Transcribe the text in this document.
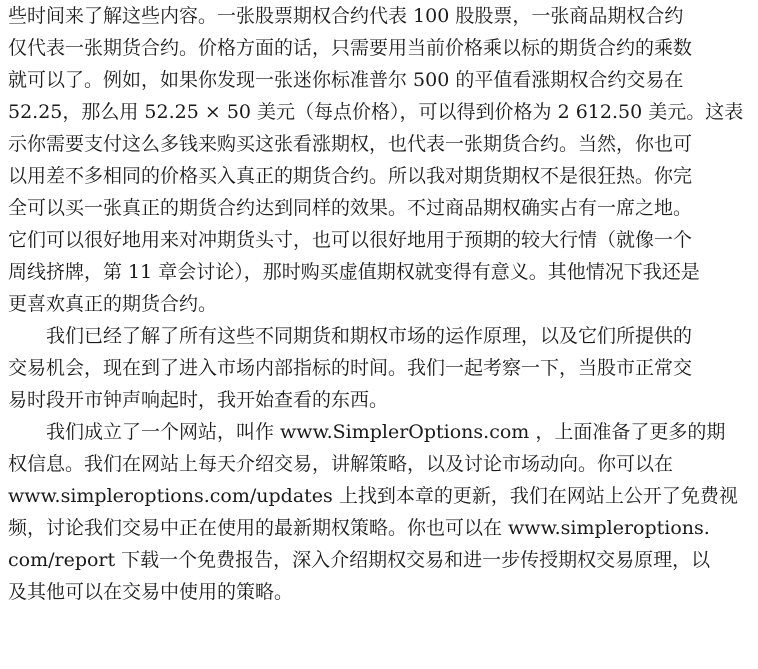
些时间来了解这些内容。一张股票期权合约代表 100 股股票，一张商品期权合约
仅代表一张期货合约。价格方面的话，只需要用当前价格乘以标的期货合约的乘数
就可以了。例如，如果你发现一张迷你标准普尔 500 的平值看涨期权合约交易在
52.25，那么用 52.25 × 50 美元（每点价格），可以得到价格为 2 612.50 美元。这表
示你需要支付这么多钱来购买这张看涨期权，也代表一张期货合约。当然，你也可
以用差不多相同的价格买入真正的期货合约。所以我对期货期权不是很狂热。你完
全可以买一张真正的期货合约达到同样的效果。不过商品期权确实占有一席之地。
它们可以很好地用来对冲期货头寸，也可以很好地用于预期的较大行情（就像一个
周线挤牌，第 11 章会讨论），那时购买虚值期权就变得有意义。其他情况下我还是
更喜欢真正的期货合约。
我们已经了解了所有这些不同期货和期权市场的运作原理，以及它们所提供的
交易机会，现在到了进入市场内部指标的时间。我们一起考察一下，当股市正常交
易时段开市钟声响起时，我开始查看的东西。
我们成立了一个网站，叫作 www.SimplerOptions.com ，上面准备了更多的期
权信息。我们在网站上每天介绍交易，讲解策略，以及讨论市场动向。你可以在
www.simpleroptions.com/updates 上找到本章的更新，我们在网站上公开了免费视
频，讨论我们交易中正在使用的最新期权策略。你也可以在 www.simpleroptions.
com/report 下载一个免费报告，深入介绍期权交易和进一步传授期权交易原理，以
及其他可以在交易中使用的策略。
